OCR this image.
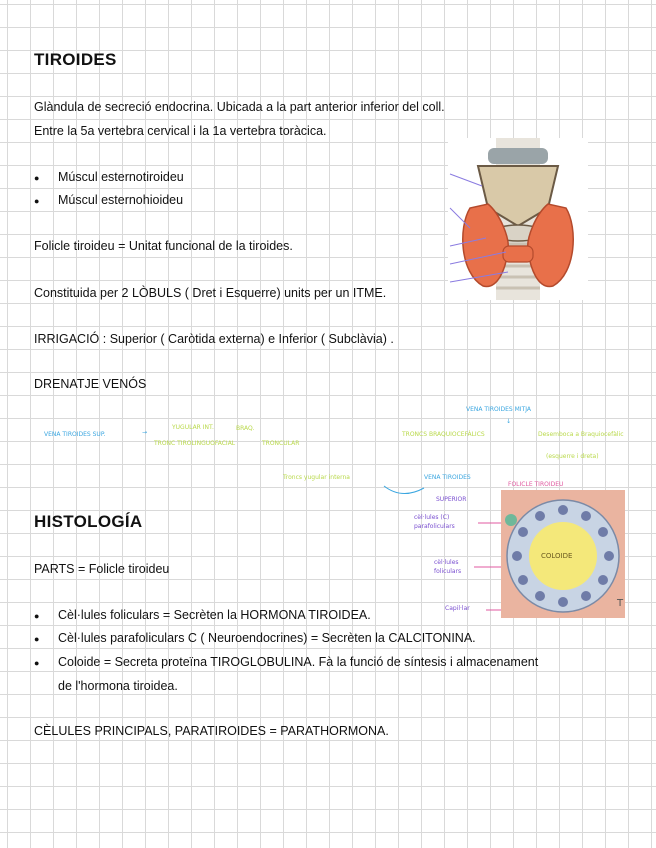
TIROIDES
Glàndula de secreció endocrina. Ubicada a la part anterior inferior del coll.
Entre la 5a vertebra cervical i la 1a vertebra toràcica.
● Múscul esternotiroideu
● Múscul esternohioideu
Folicle tiroideu = Unitat funcional de la tiroides.
Constituida per 2 LÒBULS ( Dret i Esquerre) units per un ITME.
IRRIGACIÓ : Superior ( Caròtida externa) e Inferior ( Subclàvia) .
DRENATJE VENÓS
VENA TIROIDES SUP.	→
YUGULAR INT.	BRAQ.
TRONC TIROLINGUOFACIAL	TRONCULAR
VENA TIROIDES MITJA
↓
TRONCS BRAQUIOCEFÀLICS	Desemboca a Braquiocefàlic
(esquerre i dreta)
Troncs yugular interna	VENA TIROIDES
HISTOLOGÍA
PARTS = Folicle tiroideu
● Cèl·lules foliculars = Secrèten la HORMONA TIROIDEA.
● Cèl·lules parafoliculars C ( Neuroendocrines) = Secrèten la CALCITONINA.
● Coloide = Secreta proteïna TIROGLOBULINA. Fà la funció de síntesis i almacenament
de l'hormona tiroidea.
CÈLULES PRINCIPALS, PARATIROIDES = PARATHORMONA.
FOLICLE TIROIDEU
SUPERIOR
cèl·lules (C) parafoliculars
cèl·lules foliculars
Capil·lar
COLOIDE
T
